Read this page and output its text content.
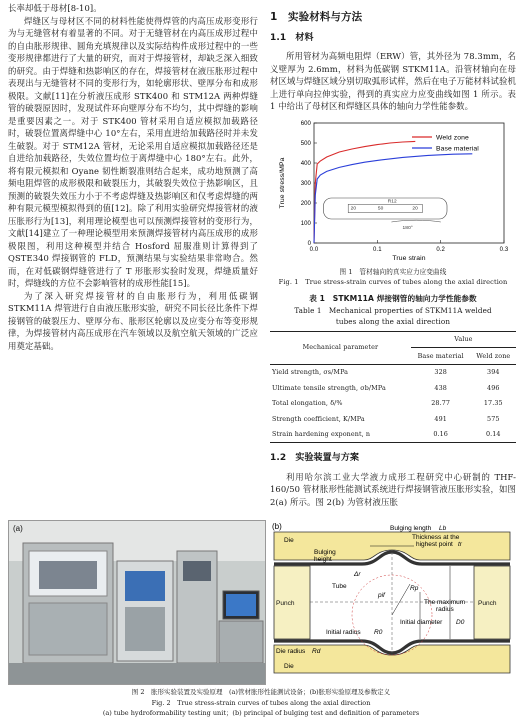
长率却低于母材[8-10]。

焊缝区与母材区不同的材料性能使得焊管的内高压成形变形行为与无缝管材有着显著的不同。对于无缝管材在内高压成形过程中的自由胀形规律、圆角充填规律以及实际结构件成形过程中的一些变形规律都进行了大量的研究，而对于焊接管材，却缺乏深入细致的研究。由于焊缝和热影响区的存在，焊接管材在液压胀形过程中表现出与无缝管材不同的变形行为，如轮廓形状、壁厚分布和成形极限。文献[11]在分析液压成形 STK400 和 STM12A 两种焊缝管的破裂原因时，发现试件环向壁厚分布不均匀，其中焊缝的影响是重要因素之一。对于 STK400 管材采用自适应模拟加载路径时，破裂位置离焊缝中心 10°左右，采用直进给加载路径时并未发生破裂。对于 STM12A 管材，无论采用自适应模拟加载路径还是自进给加载路径，失效位置均位于离焊缝中心 180°左右。此外，将有限元模拟和 Oyane 韧性断裂准则结合起来，成功地预测了高频电阻焊管的成形极限和破裂压力，其破裂失效位于热影响区，且预测的破裂失效压力小于不考虑焊缝及热影响区和仅考虑焊缝的两种有限元模型模拟得到的值[12]。除了利用实验研究焊接管材的液压胀形行为[13]，利用理论模型也可以预测焊接管材的变形行为，文献[14]建立了一种理论模型用来预测焊接管材内高压成形的成形极限图，利用这种模型并结合 Hosford 屈服准则计算得到了 QSTE340 焊接钢管的 FLD，预测结果与实验结果非常吻合。然而，在对低碳钢焊缝管进行了 T 形胀形实验时发现，焊缝质量好时，焊缝线的方位不会影响管材的成形性能[15]。

为了深入研究焊接管材的自由胀形行为，利用低碳钢 STKM11A 焊管进行自由液压胀形实验，研究不同长径比条件下焊接钢管的破裂压力、壁厚分布、胀形区轮廓以及应变分布等变形规律，为焊接管材内高压成形在汽车领域以及航空航天领域的广泛应用奠定基础。

1　实验材料与方法
1.1　材料

所用管材为高频电阻焊（ERW）管，其外径为 78.3mm，名义壁厚为 2.6mm，材料为低碳钢 STKM11A。沿管材轴向在母材区域与焊缝区域分别切取弧形试样，然后在电子万能材料试验机上进行单向拉伸实验，得到的真实应力应变曲线如图 1 所示。表 1 中给出了母材区和焊缝区具体的轴向力学性能参数。

0
100
200
300
400
500
600
0.0	0.1	0.2	0.3
True strain
True stress/MPa	R12
20	20
50
180°
Weld zone
Base material

图 1　管材轴向的真实应力应变曲线

Fig. 1　True stress-strain curves of tubes along the axial direction

表 1　STKM11A 焊接钢管的轴向力学性能参数

Table 1　Mechanical properties of STKM11A welded

tubes along the axial direction

Mechanical parameter	Value	
	Base material	Weld zone
Yield strength, σs/MPa	328	394
Ultimate tensile strength, σb/MPa	438	496
Total elongation, δ/%	28.77	17.35
Strength coefficient, K/MPa	491	575
Strain hardening exponent, n	0.16	0.14
1.2　实验装置与方案

利用哈尔滨工业大学液力成形工程研究中心研制的 THF-160/50 管材胀形性能测试系统进行焊接钢管液压胀形实验，如图 2(a) 所示。图 2(b) 为管材液压胀

(a)	(b)
Die
Bulging length Lb
Thickness at the
highest point tr
Bulging
height
Δr
Punch	Punch
Tube
pif
Rp
The maximum
radius
Initial diameter D0
Initial radius R0
Die radius Rd
Die
图 2　胀形实验装置及实验原理　(a)管材胀形性能测试设备；(b)胀形实验原理及参数定义
Fig. 2　True stress-strain curves of tubes along the axial direction
(a) tube hydroformability testing unit；(b) principal of bulging test and definition of parameters
